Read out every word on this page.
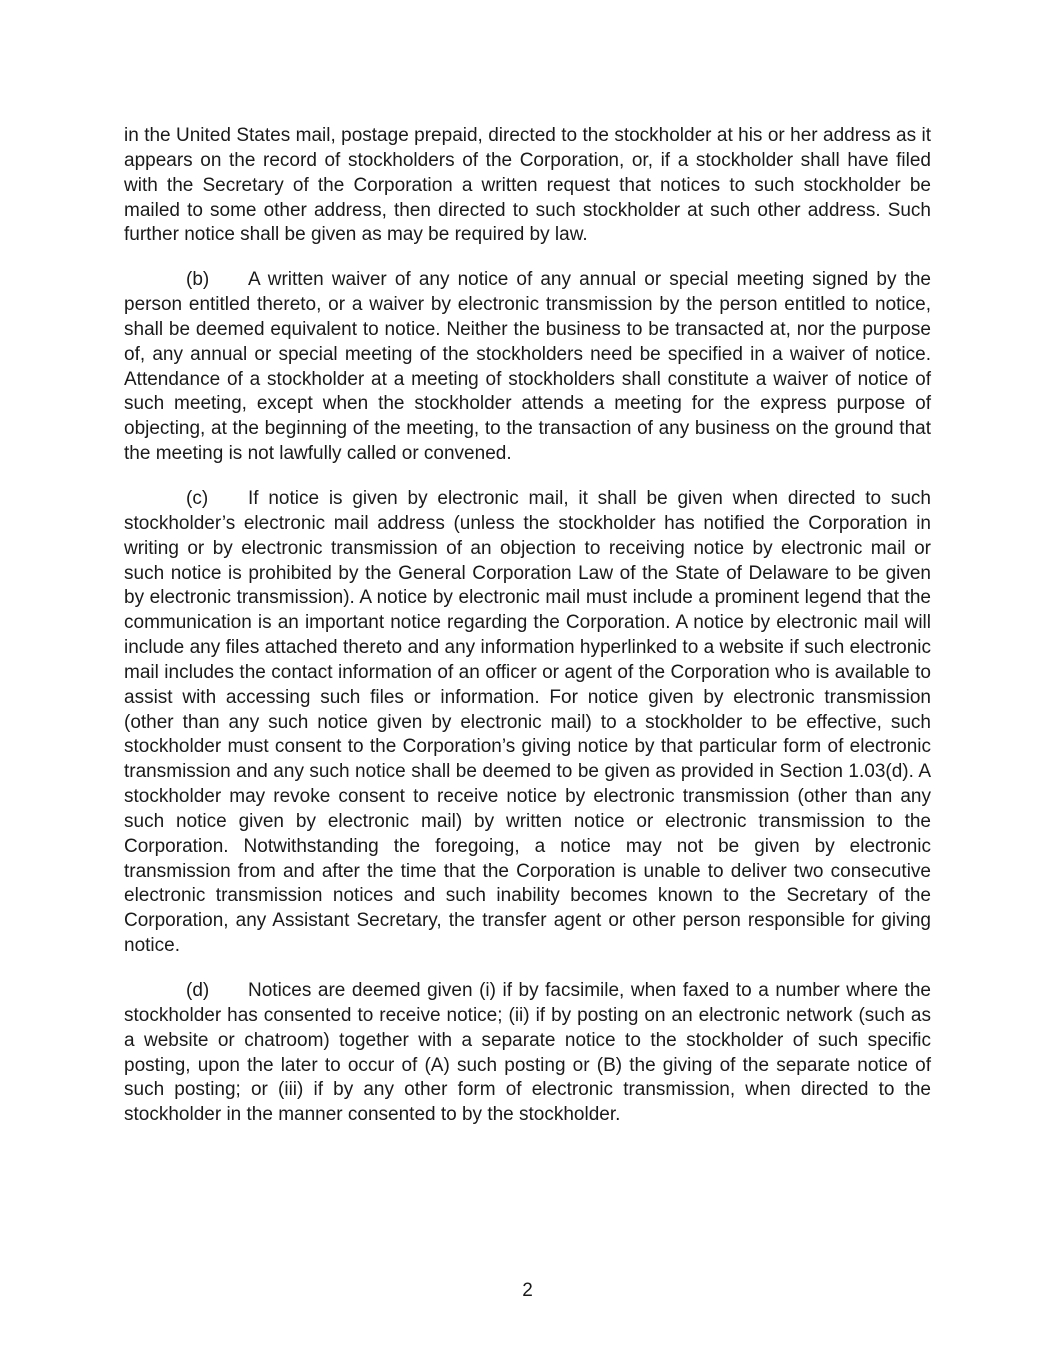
in the United States mail, postage prepaid, directed to the stockholder at his or her address as it appears on the record of stockholders of the Corporation, or, if a stockholder shall have filed with the Secretary of the Corporation a written request that notices to such stockholder be mailed to some other address, then directed to such stockholder at such other address. Such further notice shall be given as may be required by law.

(b) A written waiver of any notice of any annual or special meeting signed by the person entitled thereto, or a waiver by electronic transmission by the person entitled to notice, shall be deemed equivalent to notice. Neither the business to be transacted at, nor the purpose of, any annual or special meeting of the stockholders need be specified in a waiver of notice. Attendance of a stockholder at a meeting of stockholders shall constitute a waiver of notice of such meeting, except when the stockholder attends a meeting for the express purpose of objecting, at the beginning of the meeting, to the transaction of any business on the ground that the meeting is not lawfully called or convened.

(c) If notice is given by electronic mail, it shall be given when directed to such stockholder’s electronic mail address (unless the stockholder has notified the Corporation in writing or by electronic transmission of an objection to receiving notice by electronic mail or such notice is prohibited by the General Corporation Law of the State of Delaware to be given by electronic transmission). A notice by electronic mail must include a prominent legend that the communication is an important notice regarding the Corporation. A notice by electronic mail will include any files attached thereto and any information hyperlinked to a website if such electronic mail includes the contact information of an officer or agent of the Corporation who is available to assist with accessing such files or information. For notice given by electronic transmission (other than any such notice given by electronic mail) to a stockholder to be effective, such stockholder must consent to the Corporation’s giving notice by that particular form of electronic transmission and any such notice shall be deemed to be given as provided in Section 1.03(d). A stockholder may revoke consent to receive notice by electronic transmission (other than any such notice given by electronic mail) by written notice or electronic transmission to the Corporation. Notwithstanding the foregoing, a notice may not be given by electronic transmission from and after the time that the Corporation is unable to deliver two consecutive electronic transmission notices and such inability becomes known to the Secretary of the Corporation, any Assistant Secretary, the transfer agent or other person responsible for giving notice.

(d) Notices are deemed given (i) if by facsimile, when faxed to a number where the stockholder has consented to receive notice; (ii) if by posting on an electronic network (such as a website or chatroom) together with a separate notice to the stockholder of such specific posting, upon the later to occur of (A) such posting or (B) the giving of the separate notice of such posting; or (iii) if by any other form of electronic transmission, when directed to the stockholder in the manner consented to by the stockholder.

2
